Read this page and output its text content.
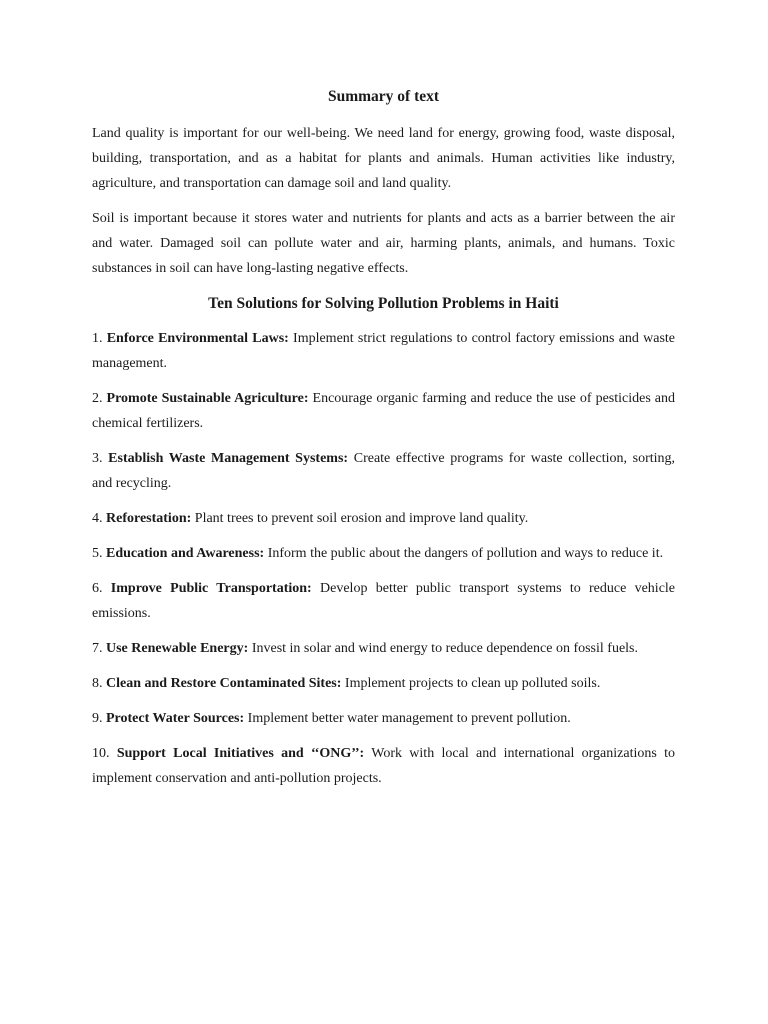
Summary of text

Land quality is important for our well-being. We need land for energy, growing food, waste disposal, building, transportation, and as a habitat for plants and animals. Human activities like industry, agriculture, and transportation can damage soil and land quality.

Soil is important because it stores water and nutrients for plants and acts as a barrier between the air and water. Damaged soil can pollute water and air, harming plants, animals, and humans. Toxic substances in soil can have long-lasting negative effects.

Ten Solutions for Solving Pollution Problems in Haiti
1. Enforce Environmental Laws: Implement strict regulations to control factory emissions and waste management.
2. Promote Sustainable Agriculture: Encourage organic farming and reduce the use of pesticides and chemical fertilizers.
3. Establish Waste Management Systems: Create effective programs for waste collection, sorting, and recycling.
4. Reforestation: Plant trees to prevent soil erosion and improve land quality.
5. Education and Awareness: Inform the public about the dangers of pollution and ways to reduce it.
6. Improve Public Transportation: Develop better public transport systems to reduce vehicle emissions.
7. Use Renewable Energy: Invest in solar and wind energy to reduce dependence on fossil fuels.
8. Clean and Restore Contaminated Sites: Implement projects to clean up polluted soils.
9. Protect Water Sources: Implement better water management to prevent pollution.
10. Support Local Initiatives and ‘‘ONG’’: Work with local and international organizations to implement conservation and anti-pollution projects.
